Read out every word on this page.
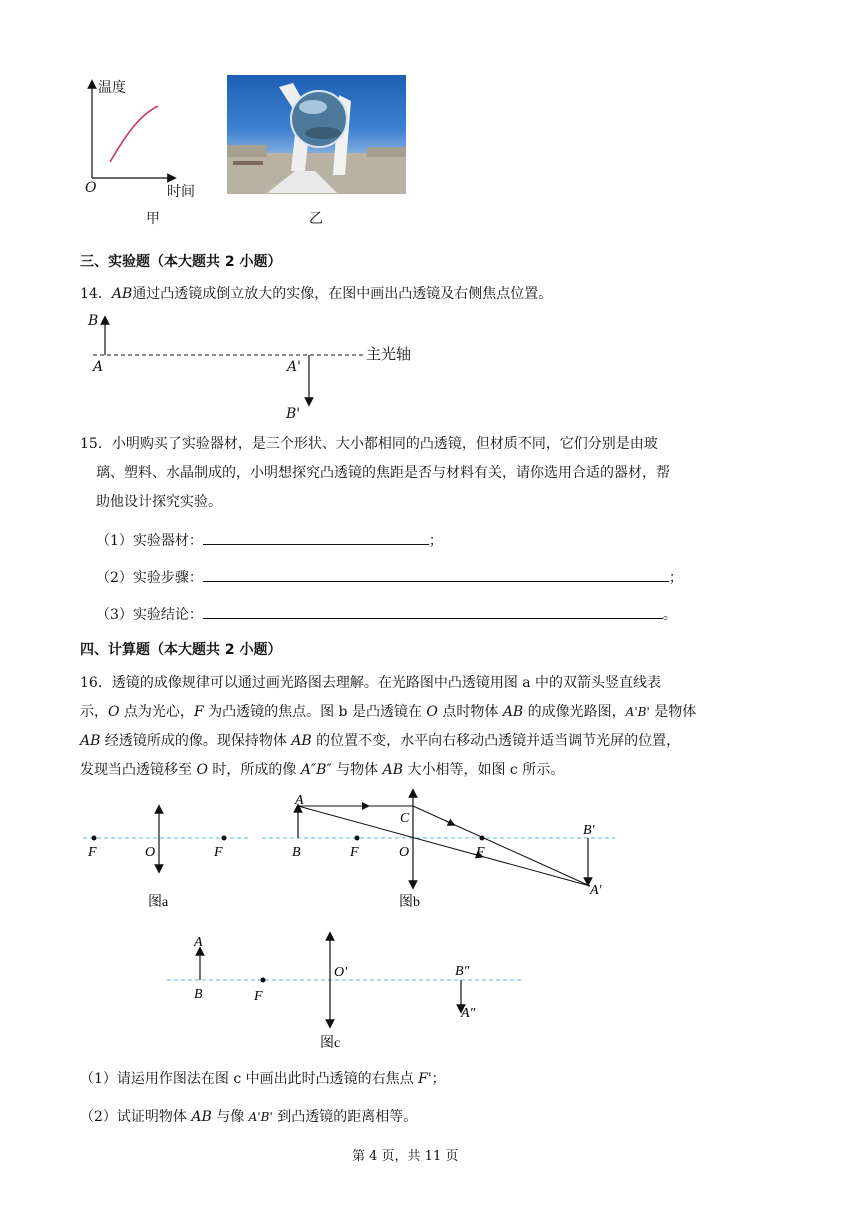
温度
O	时间
甲	乙
三、实验题（本大题共 2 小题）
14．AB通过凸透镜成倒立放大的实像，在图中画出凸透镜及右侧焦点位置。
B
A	A'
B'
主光轴
15．小明购买了实验器材，是三个形状、大小都相同的凸透镜，但材质不同，它们分别是由玻
璃、塑料、水晶制成的，小明想探究凸透镜的焦距是否与材料有关，请你选用合适的器材，帮
助他设计探究实验。
（1）实验器材：	；
（2）实验步骤：	；
（3）实验结论：	。
四、计算题（本大题共 2 小题）
16．透镜的成像规律可以通过画光路图去理解。在光路图中凸透镜用图 a 中的双箭头竖直线表
示，O 点为光心，F 为凸透镜的焦点。图 b 是凸透镜在 O 点时物体 AB 的成像光路图，A'B' 是物体
AB 经透镜所成的像。现保持物体 AB 的位置不变，水平向右移动凸透镜并适当调节光屏的位置，
发现当凸透镜移至 O 时，所成的像 A″B″ 与物体 AB 大小相等，如图 c 所示。
F	O	F
图a
A
B	F
C
O	F
B'
A'
图b
A
B	F
O'	B″
A″
图c
（1）请运用作图法在图 c 中画出此时凸透镜的右焦点 F'；
（2）试证明物体 AB 与像 A'B' 到凸透镜的距离相等。
第 4 页，共 11 页
